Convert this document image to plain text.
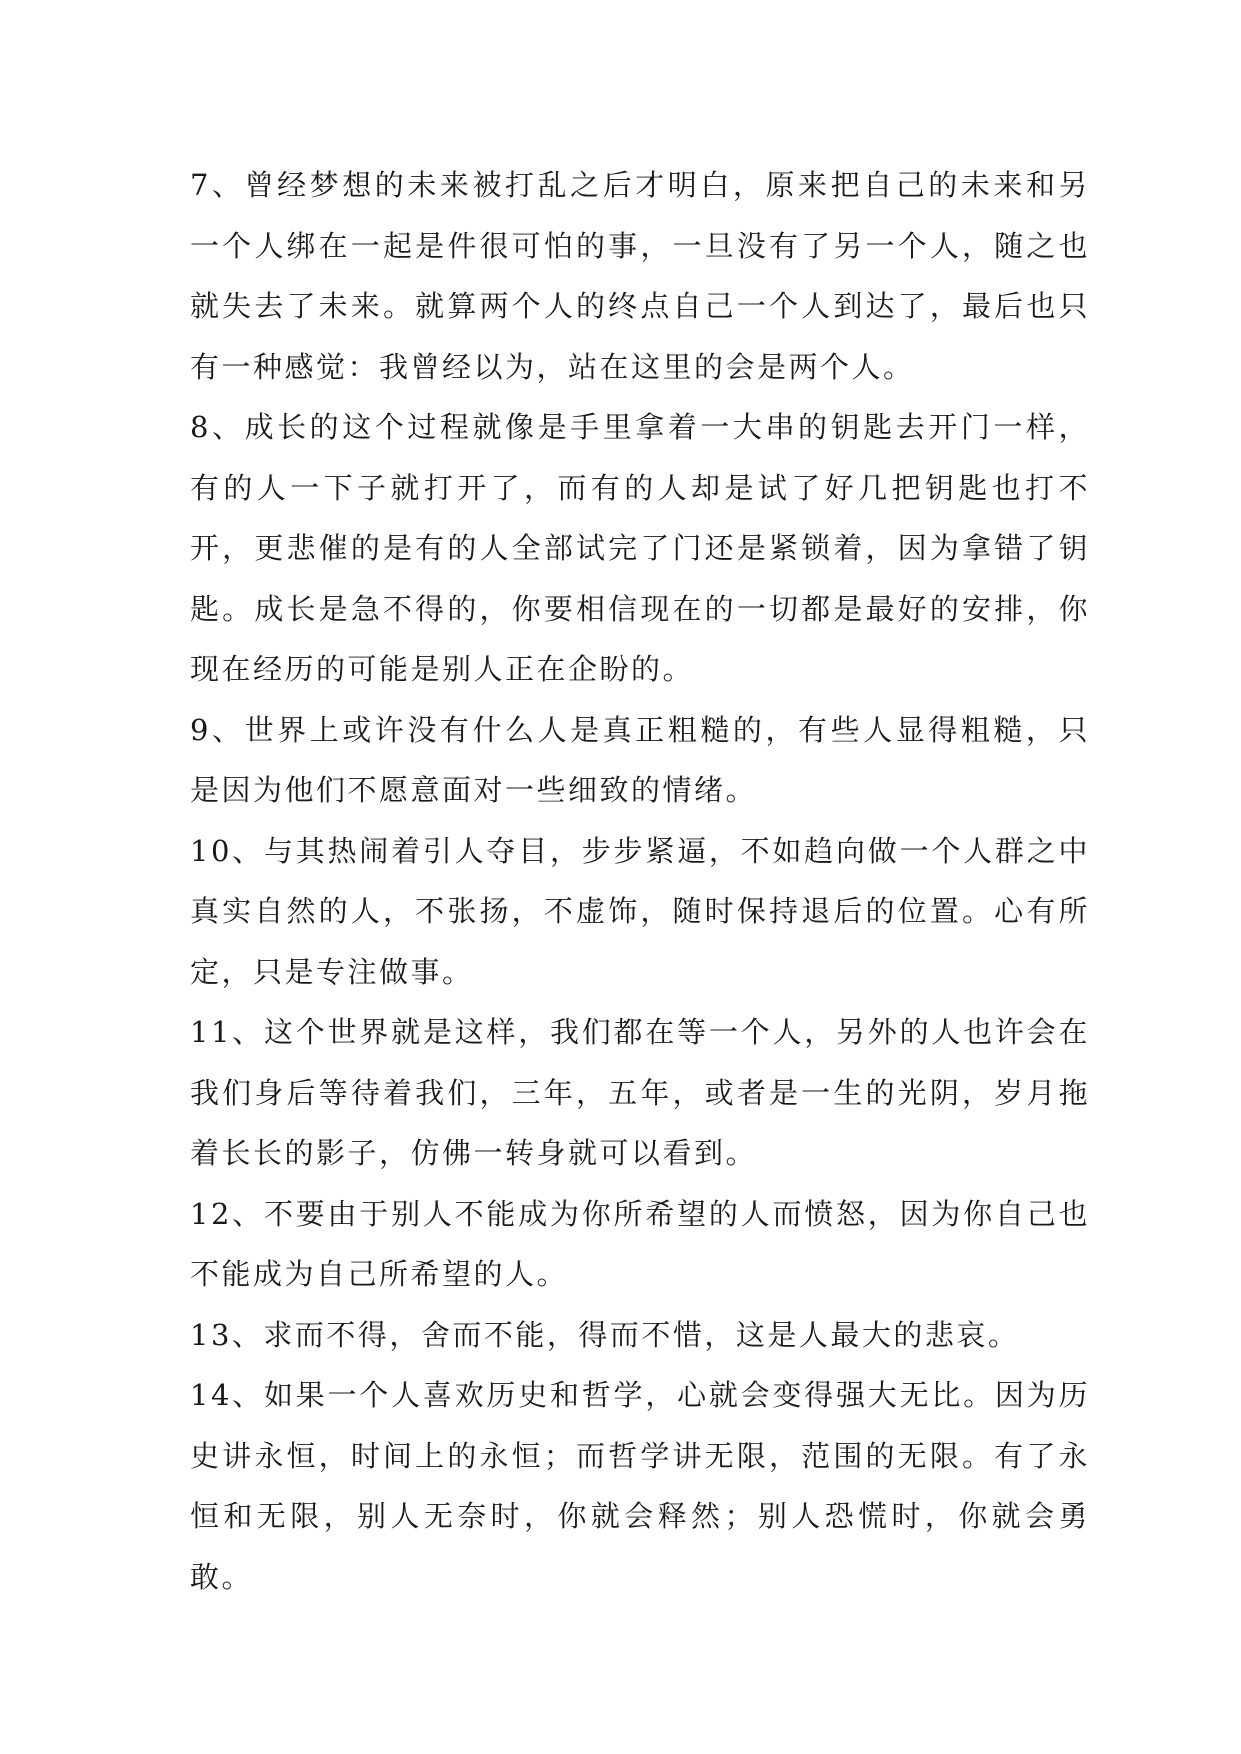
7、曾经梦想的未来被打乱之后才明白，原来把自己的未来和另一个人绑在一起是件很可怕的事，一旦没有了另一个人，随之也就失去了未来。就算两个人的终点自己一个人到达了，最后也只有一种感觉：我曾经以为，站在这里的会是两个人。

8、成长的这个过程就像是手里拿着一大串的钥匙去开门一样，有的人一下子就打开了，而有的人却是试了好几把钥匙也打不开，更悲催的是有的人全部试完了门还是紧锁着，因为拿错了钥匙。成长是急不得的，你要相信现在的一切都是最好的安排，你现在经历的可能是别人正在企盼的。

9、世界上或许没有什么人是真正粗糙的，有些人显得粗糙，只是因为他们不愿意面对一些细致的情绪。

10、与其热闹着引人夺目，步步紧逼，不如趋向做一个人群之中真实自然的人，不张扬，不虚饰，随时保持退后的位置。心有所定，只是专注做事。

11、这个世界就是这样，我们都在等一个人，另外的人也许会在我们身后等待着我们，三年，五年，或者是一生的光阴，岁月拖着长长的影子，仿佛一转身就可以看到。

12、不要由于别人不能成为你所希望的人而愤怒，因为你自己也不能成为自己所希望的人。

13、求而不得，舍而不能，得而不惜，这是人最大的悲哀。

14、如果一个人喜欢历史和哲学，心就会变得强大无比。因为历史讲永恒，时间上的永恒；而哲学讲无限，范围的无限。有了永恒和无限，别人无奈时，你就会释然；别人恐慌时，你就会勇敢。
